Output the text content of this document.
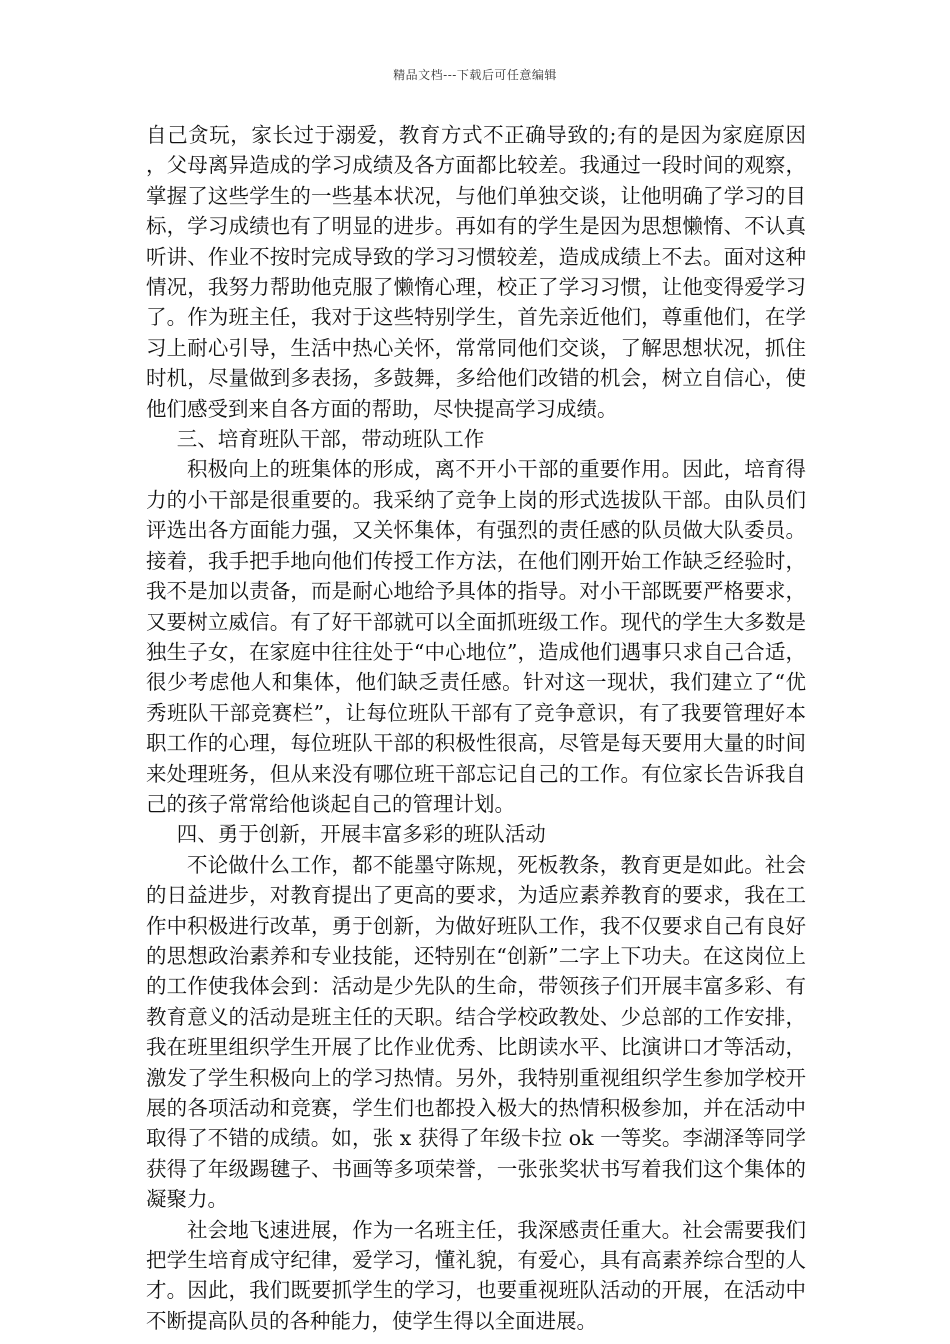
精品文档---下载后可任意编辑

自己贪玩，家长过于溺爱，教育方式不正确导致的;有的是因为家庭原因，父母离异造成的学习成绩及各方面都比较差。我通过一段时间的观察，掌握了这些学生的一些基本状况，与他们单独交谈，让他明确了学习的目标，学习成绩也有了明显的进步。再如有的学生是因为思想懒惰、不认真听讲、作业不按时完成导致的学习习惯较差，造成成绩上不去。面对这种情况，我努力帮助他克服了懒惰心理，校正了学习习惯，让他变得爱学习了。作为班主任，我对于这些特别学生，首先亲近他们，尊重他们，在学习上耐心引导，生活中热心关怀，常常同他们交谈，了解思想状况，抓住时机，尽量做到多表扬，多鼓舞，多给他们改错的机会，树立自信心，使他们感受到来自各方面的帮助，尽快提高学习成绩。

三、培育班队干部，带动班队工作

积极向上的班集体的形成，离不开小干部的重要作用。因此，培育得力的小干部是很重要的。我采纳了竞争上岗的形式选拔队干部。由队员们评选出各方面能力强，又关怀集体，有强烈的责任感的队员做大队委员。接着，我手把手地向他们传授工作方法，在他们刚开始工作缺乏经验时，我不是加以责备，而是耐心地给予具体的指导。对小干部既要严格要求，又要树立威信。有了好干部就可以全面抓班级工作。现代的学生大多数是独生子女，在家庭中往往处于“中心地位”，造成他们遇事只求自己合适，很少考虑他人和集体，他们缺乏责任感。针对这一现状，我们建立了“优秀班队干部竞赛栏”，让每位班队干部有了竞争意识，有了我要管理好本职工作的心理，每位班队干部的积极性很高，尽管是每天要用大量的时间来处理班务，但从来没有哪位班干部忘记自己的工作。有位家长告诉我自己的孩子常常给他谈起自己的管理计划。

四、勇于创新，开展丰富多彩的班队活动

不论做什么工作，都不能墨守陈规，死板教条，教育更是如此。社会的日益进步，对教育提出了更高的要求，为适应素养教育的要求，我在工作中积极进行改革，勇于创新，为做好班队工作，我不仅要求自己有良好的思想政治素养和专业技能，还特别在“创新”二字上下功夫。在这岗位上的工作使我体会到：活动是少先队的生命，带领孩子们开展丰富多彩、有教育意义的活动是班主任的天职。结合学校政教处、少总部的工作安排，我在班里组织学生开展了比作业优秀、比朗读水平、比演讲口才等活动，激发了学生积极向上的学习热情。另外，我特别重视组织学生参加学校开展的各项活动和竞赛，学生们也都投入极大的热情积极参加，并在活动中取得了不错的成绩。如，张 x 获得了年级卡拉 ok 一等奖。李湖泽等同学获得了年级踢毽子、书画等多项荣誉，一张张奖状书写着我们这个集体的凝聚力。

社会地飞速进展，作为一名班主任，我深感责任重大。社会需要我们把学生培育成守纪律，爱学习，懂礼貌，有爱心，具有高素养综合型的人才。因此，我们既要抓学生的学习，也要重视班队活动的开展，在活动中不断提高队员的各种能力，使学生得以全面进展。
